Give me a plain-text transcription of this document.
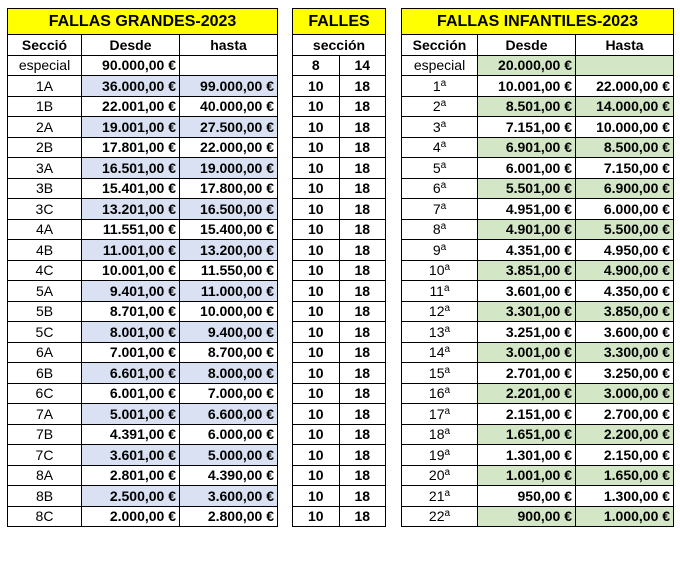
FALLAS GRANDES-2023		
Secció	Desde	hasta
especial	90.000,00 €	
1A	36.000,00 €	99.000,00 €
1B	22.001,00 €	40.000,00 €
2A	19.001,00 €	27.500,00 €
2B	17.801,00 €	22.000,00 €
3A	16.501,00 €	19.000,00 €
3B	15.401,00 €	17.800,00 €
3C	13.201,00 €	16.500,00 €
4A	11.551,00 €	15.400,00 €
4B	11.001,00 €	13.200,00 €
4C	10.001,00 €	11.550,00 €
5A	9.401,00 €	11.000,00 €
5B	8.701,00 €	10.000,00 €
5C	8.001,00 €	9.400,00 €
6A	7.001,00 €	8.700,00 €
6B	6.601,00 €	8.000,00 €
6C	6.001,00 €	7.000,00 €
7A	5.001,00 €	6.600,00 €
7B	4.391,00 €	6.000,00 €
7C	3.601,00 €	5.000,00 €
8A	2.801,00 €	4.390,00 €
8B	2.500,00 €	3.600,00 €
8C	2.000,00 €	2.800,00 €
FALLES	
sección	
8	14
10	18
10	18
10	18
10	18
10	18
10	18
10	18
10	18
10	18
10	18
10	18
10	18
10	18
10	18
10	18
10	18
10	18
10	18
10	18
10	18
10	18
10	18
FALLAS INFANTILES-2023		
Sección	Desde	Hasta
especial	20.000,00 €	
1$^a$	10.001,00 €	22.000,00 €
2$^a$	8.501,00 €	14.000,00 €
3$^a$	7.151,00 €	10.000,00 €
4$^a$	6.901,00 €	8.500,00 €
5$^a$	6.001,00 €	7.150,00 €
6$^a$	5.501,00 €	6.900,00 €
7$^a$	4.951,00 €	6.000,00 €
8$^a$	4.901,00 €	5.500,00 €
9$^a$	4.351,00 €	4.950,00 €
10$^a$	3.851,00 €	4.900,00 €
11$^a$	3.601,00 €	4.350,00 €
12$^a$	3.301,00 €	3.850,00 €
13$^a$	3.251,00 €	3.600,00 €
14$^a$	3.001,00 €	3.300,00 €
15$^a$	2.701,00 €	3.250,00 €
16$^a$	2.201,00 €	3.000,00 €
17$^a$	2.151,00 €	2.700,00 €
18$^a$	1.651,00 €	2.200,00 €
19$^a$	1.301,00 €	2.150,00 €
20$^a$	1.001,00 €	1.650,00 €
21$^a$	950,00 €	1.300,00 €
22$^a$	900,00 €	1.000,00 €
